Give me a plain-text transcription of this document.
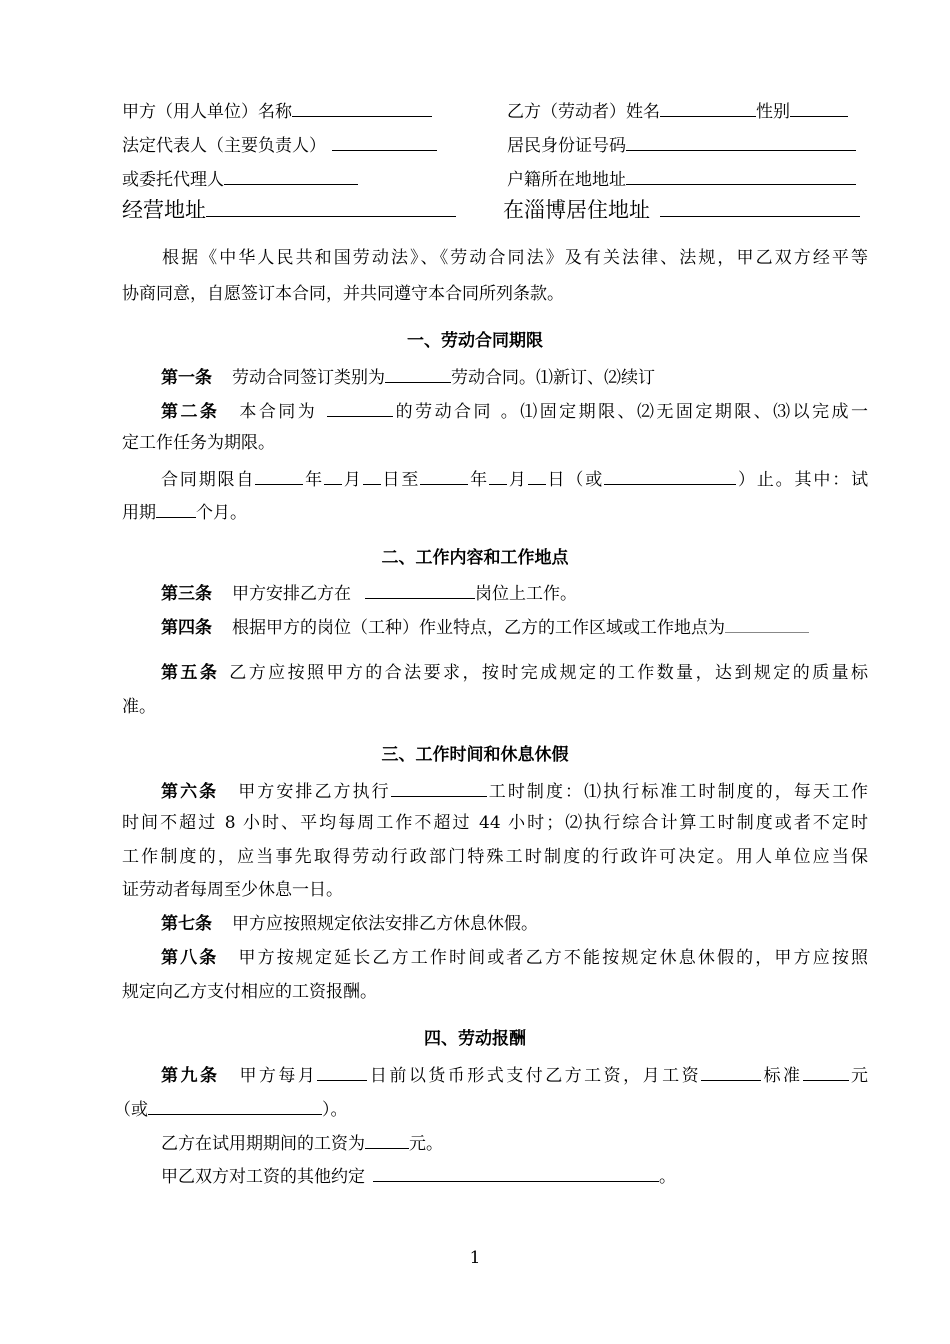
甲方（用人单位）名称	乙方（劳动者）姓名	性别
法定代表人（主要负责人）	居民身份证号码
或委托代理人	户籍所在地地址
经营地址	在淄博居住地址
根据《中华人民共和国劳动法》、《劳动合同法》及有关法律、法规，甲乙双方经平等
协商同意，自愿签订本合同，并共同遵守本合同所列条款。
一、劳动合同期限
第一条 劳动合同签订类别为	劳动合同。⑴新订、⑵续订
第二条 本合同为	的劳动合同 。⑴固定期限、⑵无固定期限、⑶以完成一
定工作任务为期限。
合同期限自	年 月 日至	年 月 日（或	）止。其中：试
用期 个月。
二、工作内容和工作地点
第三条 甲方安排乙方在	岗位上工作。
第四条 根据甲方的岗位（工种）作业特点，乙方的工作区域或工作地点为
第五条 乙方应按照甲方的合法要求，按时完成规定的工作数量，达到规定的质量标
准。
三、工作时间和休息休假
第六条 甲方安排乙方执行	工时制度：⑴执行标准工时制度的，每天工作
时间不超过 8 小时、平均每周工作不超过 44 小时；⑵执行综合计算工时制度或者不定时
工作制度的，应当事先取得劳动行政部门特殊工时制度的行政许可决定。用人单位应当保
证劳动者每周至少休息一日。
第七条 甲方应按照规定依法安排乙方休息休假。
第八条 甲方按规定延长乙方工作时间或者乙方不能按规定休息休假的，甲方应按照
规定向乙方支付相应的工资报酬。
四、劳动报酬
第九条 甲方每月	日前以货币形式支付乙方工资，月工资	标准	元
（或	）。
乙方在试用期期间的工资为	元。
甲乙双方对工资的其他约定	。
1
